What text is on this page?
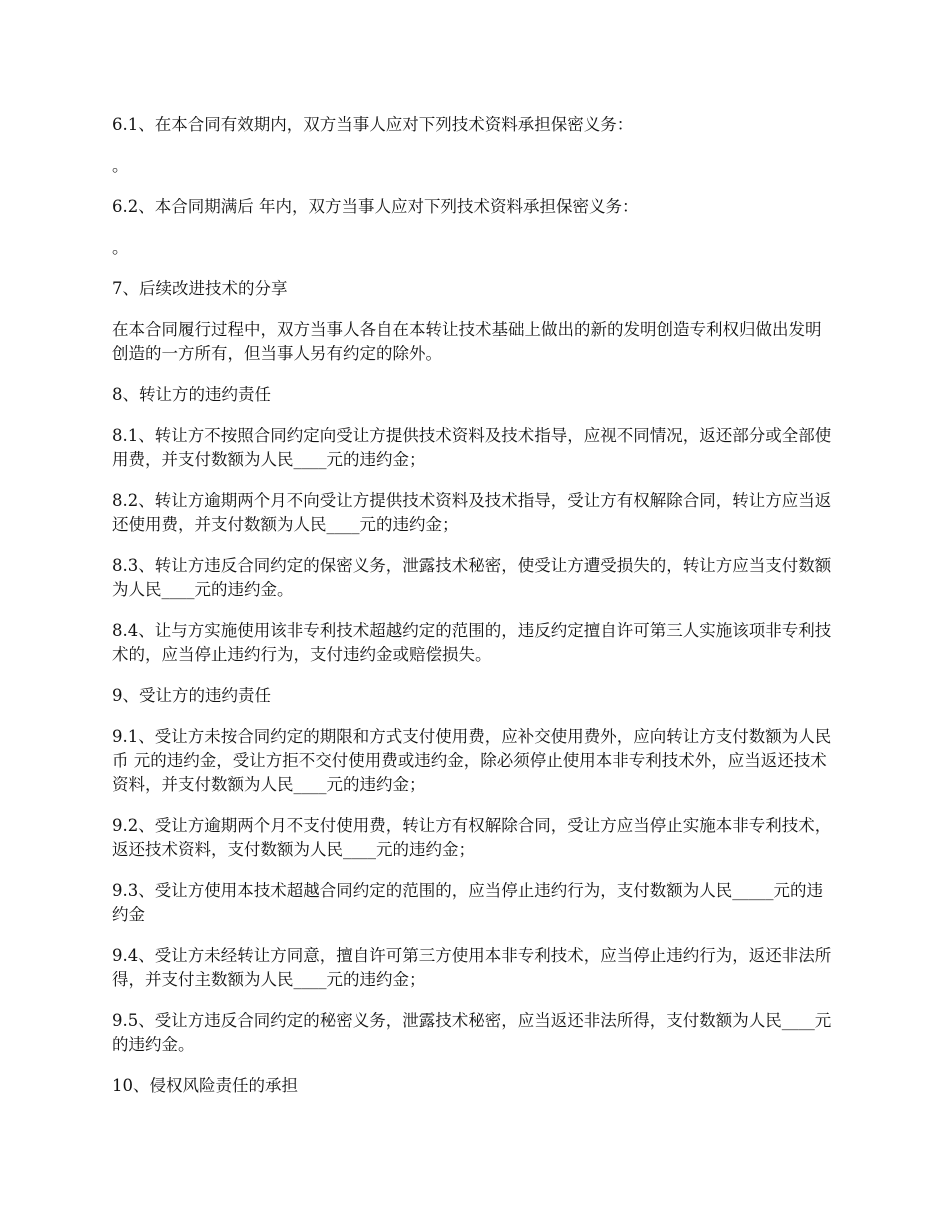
6.1、在本合同有效期内，双方当事人应对下列技术资料承担保密义务：

。

6.2、本合同期满后 年内，双方当事人应对下列技术资料承担保密义务：

。

7、后续改进技术的分享

在本合同履行过程中，双方当事人各自在本转让技术基础上做出的新的发明创造专利权归做出发明创造的一方所有，但当事人另有约定的除外。

8、转让方的违约责任

8.1、转让方不按照合同约定向受让方提供技术资料及技术指导，应视不同情况，返还部分或全部使用费，并支付数额为人民____元的违约金；

8.2、转让方逾期两个月不向受让方提供技术资料及技术指导，受让方有权解除合同，转让方应当返还使用费，并支付数额为人民____元的违约金；

8.3、转让方违反合同约定的保密义务，泄露技术秘密，使受让方遭受损失的，转让方应当支付数额为人民____元的违约金。

8.4、让与方实施使用该非专利技术超越约定的范围的，违反约定擅自许可第三人实施该项非专利技术的，应当停止违约行为，支付违约金或赔偿损失。

9、受让方的违约责任

9.1、受让方未按合同约定的期限和方式支付使用费，应补交使用费外，应向转让方支付数额为人民币 元的违约金，受让方拒不交付使用费或违约金，除必须停止使用本非专利技术外，应当返还技术资料，并支付数额为人民____元的违约金；

9.2、受让方逾期两个月不支付使用费，转让方有权解除合同，受让方应当停止实施本非专利技术，返还技术资料，支付数额为人民____元的违约金；

9.3、受让方使用本技术超越合同约定的范围的，应当停止违约行为，支付数额为人民_____元的违约金

9.4、受让方未经转让方同意，擅自许可第三方使用本非专利技术，应当停止违约行为，返还非法所得，并支付主数额为人民____元的违约金；

9.5、受让方违反合同约定的秘密义务，泄露技术秘密，应当返还非法所得，支付数额为人民____元的违约金。

10、侵权风险责任的承担
